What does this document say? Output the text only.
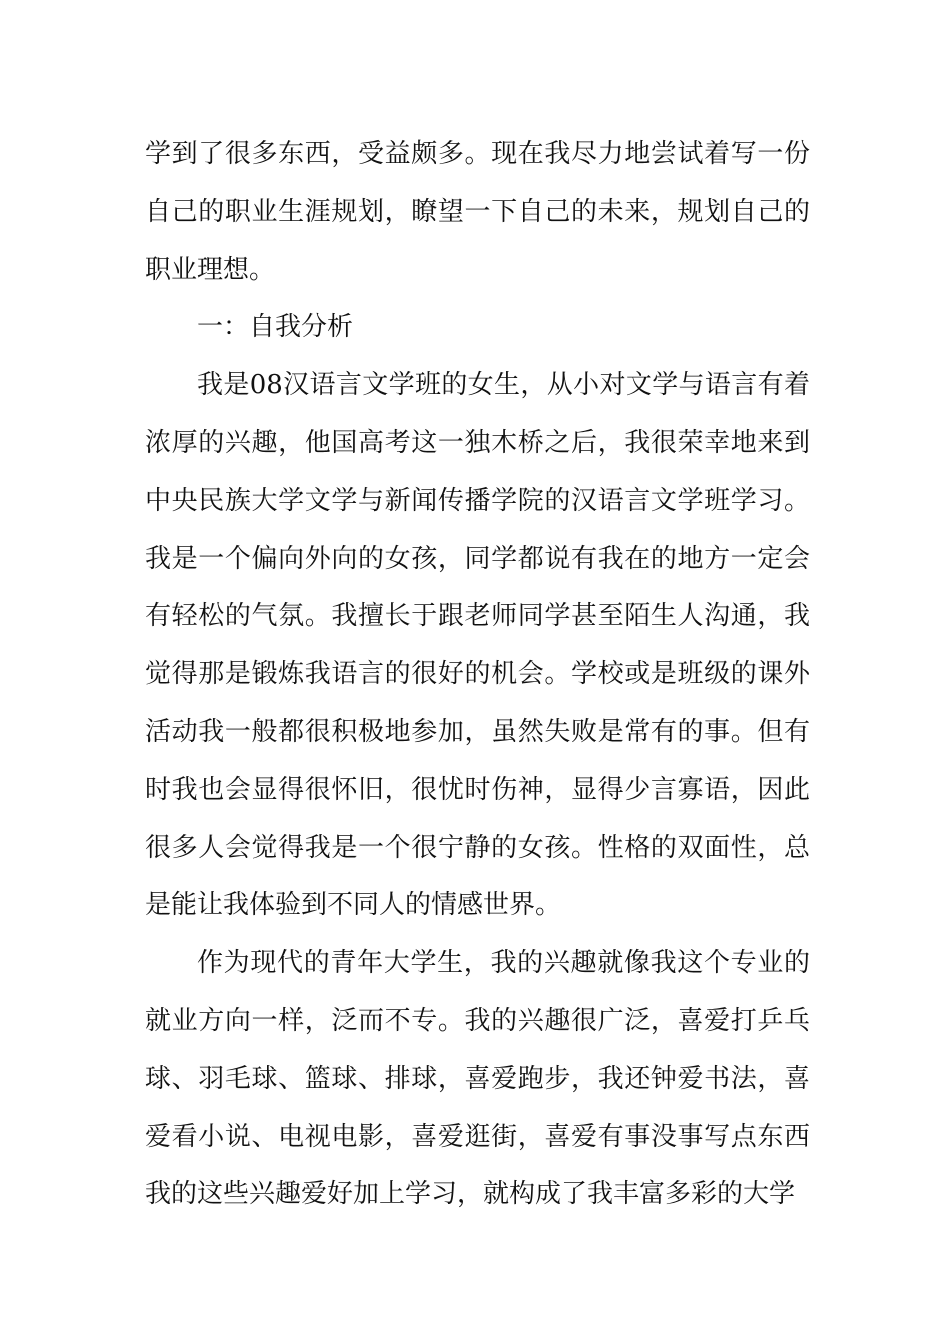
学到了很多东西，受益颇多。现在我尽力地尝试着写一份自己的职业生涯规划，瞭望一下自己的未来，规划自己的职业理想。

一：自我分析

我是08汉语言文学班的女生，从小对文学与语言有着浓厚的兴趣，他国高考这一独木桥之后，我很荣幸地来到中央民族大学文学与新闻传播学院的汉语言文学班学习。我是一个偏向外向的女孩，同学都说有我在的地方一定会有轻松的气氛。我擅长于跟老师同学甚至陌生人沟通，我觉得那是锻炼我语言的很好的机会。学校或是班级的课外活动我一般都很积极地参加，虽然失败是常有的事。但有时我也会显得很怀旧，很忧时伤神，显得少言寡语，因此很多人会觉得我是一个很宁静的女孩。性格的双面性，总是能让我体验到不同人的情感世界。

作为现代的青年大学生，我的兴趣就像我这个专业的就业方向一样，泛而不专。我的兴趣很广泛，喜爱打乒乓球、羽毛球、篮球、排球，喜爱跑步，我还钟爱书法，喜爱看小说、电视电影，喜爱逛街，喜爱有事没事写点东西我的这些兴趣爱好加上学习，就构成了我丰富多彩的大学
